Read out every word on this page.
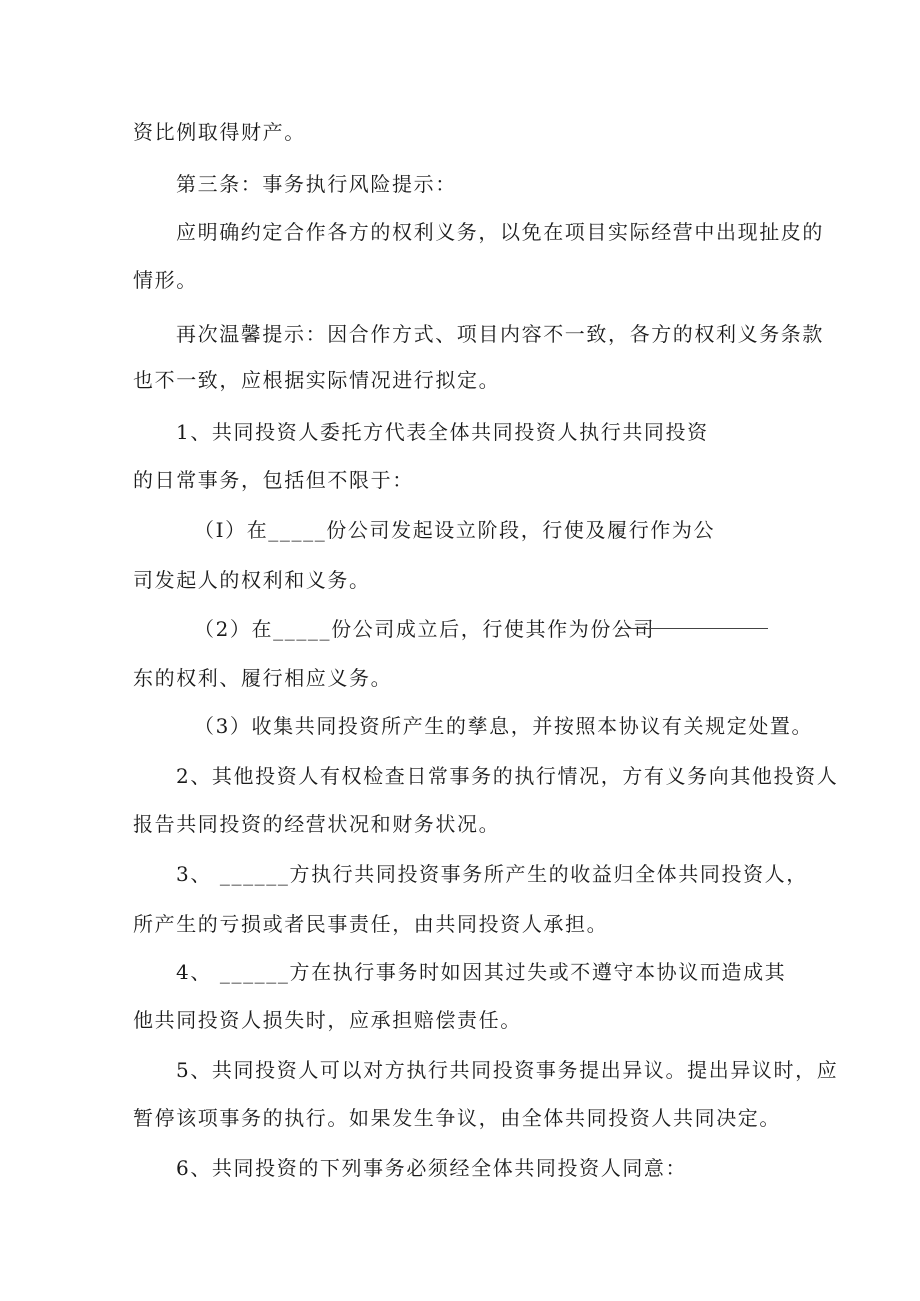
资比例取得财产。
第三条：事务执行风险提示：
应明确约定合作各方的权利义务，以免在项目实际经营中出现扯皮的
情形。
再次温馨提示：因合作方式、项目内容不一致，各方的权利义务条款
也不一致，应根据实际情况进行拟定。
1、共同投资人委托方代表全体共同投资人执行共同投资
的日常事务，包括但不限于：
（I）在_____份公司发起设立阶段，行使及履行作为公
司发起人的权利和义务。
（2）在_____份公司成立后，行使其作为份公司
东的权利、履行相应义务。
（3）收集共同投资所产生的孳息，并按照本协议有关规定处置。
2、其他投资人有权检查日常事务的执行情况，方有义务向其他投资人
报告共同投资的经营状况和财务状况。
3、 ______方执行共同投资事务所产生的收益归全体共同投资人，
所产生的亏损或者民事责任，由共同投资人承担。
4、 ______方在执行事务时如因其过失或不遵守本协议而造成其
他共同投资人损失时，应承担赔偿责任。
5、共同投资人可以对方执行共同投资事务提出异议。提出异议时，应
暂停该项事务的执行。如果发生争议，由全体共同投资人共同决定。
6、共同投资的下列事务必须经全体共同投资人同意：
